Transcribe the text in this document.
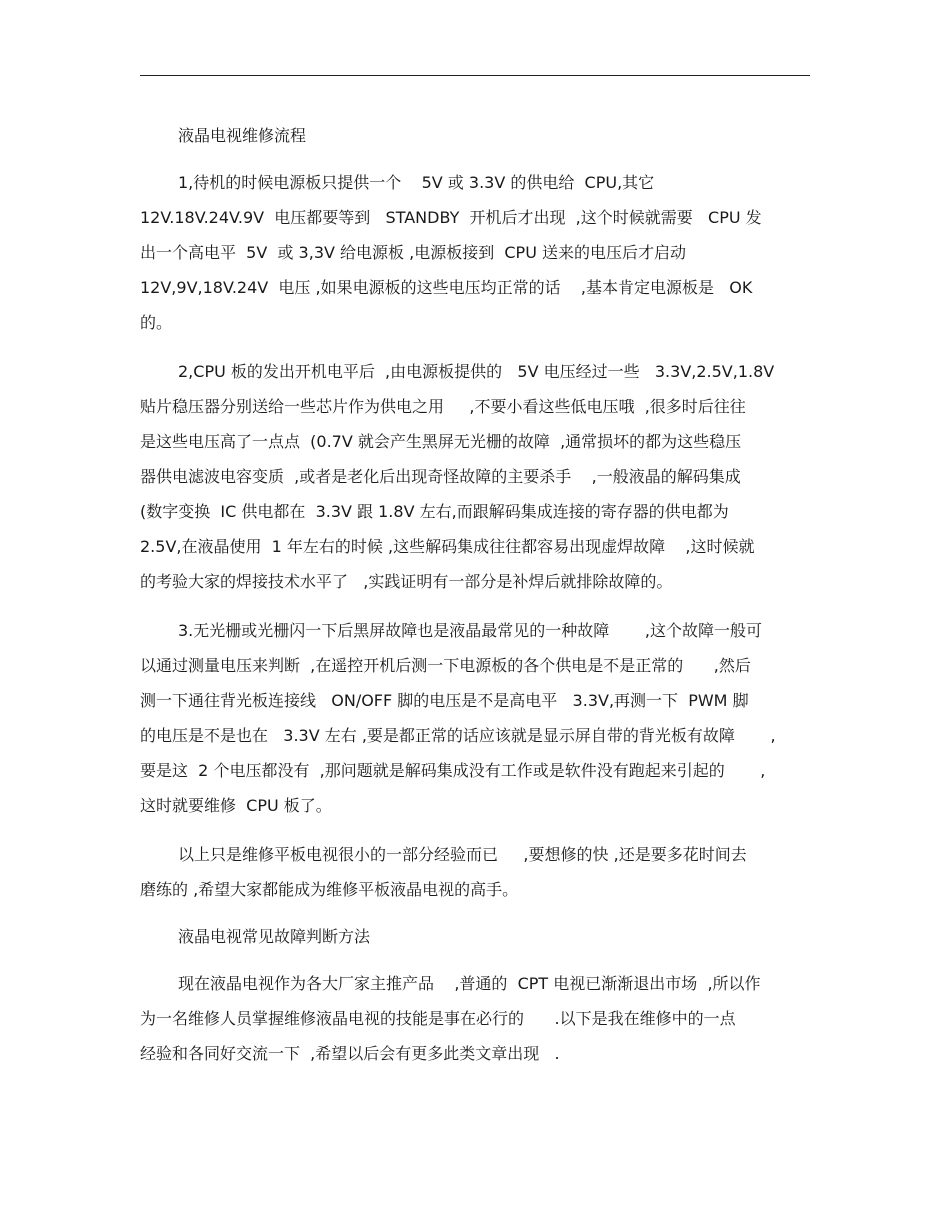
液晶电视维修流程

1,待机的时候电源板只提供一个    5V 或 3.3V 的供电给  CPU,其它
12V.18V.24V.9V  电压都要等到   STANDBY  开机后才出现  ,这个时候就需要   CPU 发
出一个高电平  5V  或 3,3V 给电源板 ,电源板接到  CPU 送来的电压后才启动
12V,9V,18V.24V  电压 ,如果电源板的这些电压均正常的话    ,基本肯定电源板是   OK
的。

2,CPU 板的发出开机电平后  ,由电源板提供的   5V 电压经过一些   3.3V,2.5V,1.8V
贴片稳压器分别送给一些芯片作为供电之用     ,不要小看这些低电压哦  ,很多时后往往
是这些电压高了一点点  (0.7V 就会产生黑屏无光栅的故障  ,通常损坏的都为这些稳压
器供电滤波电容变质  ,或者是老化后出现奇怪故障的主要杀手    ,一般液晶的解码集成
(数字变换  IC 供电都在  3.3V 跟 1.8V 左右,而跟解码集成连接的寄存器的供电都为
2.5V,在液晶使用  1 年左右的时候 ,这些解码集成往往都容易出现虚焊故障    ,这时候就
的考验大家的焊接技术水平了   ,实践证明有一部分是补焊后就排除故障的。

3.无光栅或光栅闪一下后黑屏故障也是液晶最常见的一种故障       ,这个故障一般可
以通过测量电压来判断  ,在遥控开机后测一下电源板的各个供电是不是正常的      ,然后
测一下通往背光板连接线   ON/OFF 脚的电压是不是高电平   3.3V,再测一下  PWM 脚
的电压是不是也在   3.3V 左右 ,要是都正常的话应该就是显示屏自带的背光板有故障       ,
要是这  2 个电压都没有  ,那问题就是解码集成没有工作或是软件没有跑起来引起的       ,
这时就要维修  CPU 板了。

以上只是维修平板电视很小的一部分经验而已     ,要想修的快 ,还是要多花时间去
磨练的 ,希望大家都能成为维修平板液晶电视的高手。

液晶电视常见故障判断方法

现在液晶电视作为各大厂家主推产品    ,普通的  CPT 电视已渐渐退出市场  ,所以作
为一名维修人员掌握维修液晶电视的技能是事在必行的      .以下是我在维修中的一点
经验和各同好交流一下  ,希望以后会有更多此类文章出现   .
